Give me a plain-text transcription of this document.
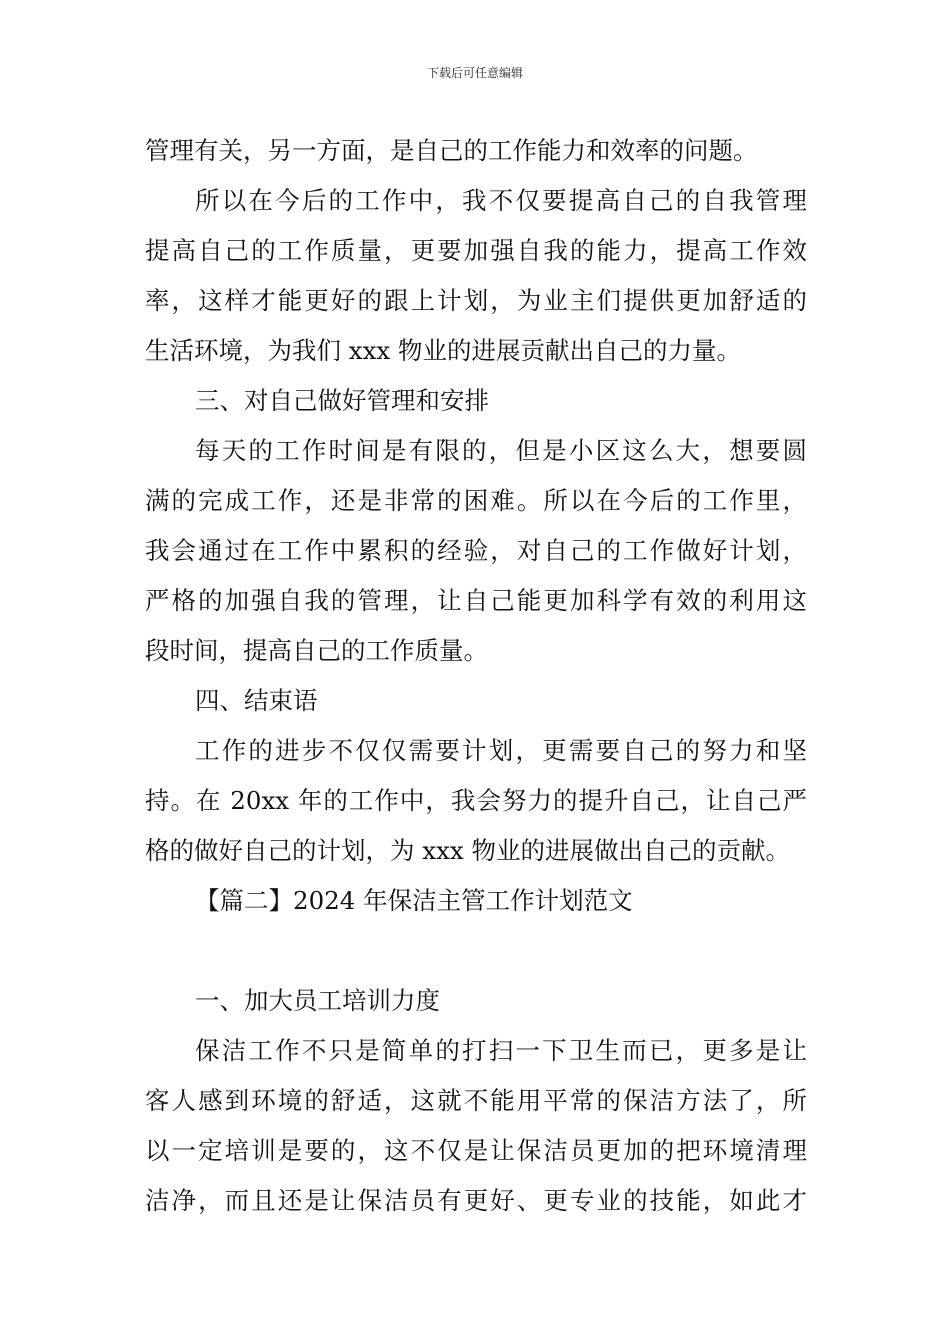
下载后可任意编辑
管理有关，另一方面，是自己的工作能力和效率的问题。
所以在今后的工作中，我不仅要提高自己的自我管理
提高自己的工作质量，更要加强自我的能力，提高工作效
率，这样才能更好的跟上计划，为业主们提供更加舒适的
生活环境，为我们 xxx 物业的进展贡献出自己的力量。
三、对自己做好管理和安排
每天的工作时间是有限的，但是小区这么大，想要圆
满的完成工作，还是非常的困难。所以在今后的工作里，
我会通过在工作中累积的经验，对自己的工作做好计划，
严格的加强自我的管理，让自己能更加科学有效的利用这
段时间，提高自己的工作质量。
四、结束语
工作的进步不仅仅需要计划，更需要自己的努力和坚
持。在 20xx 年的工作中，我会努力的提升自己，让自己严
格的做好自己的计划，为 xxx 物业的进展做出自己的贡献。
【篇二】2024 年保洁主管工作计划范文
一、加大员工培训力度
保洁工作不只是简单的打扫一下卫生而已，更多是让
客人感到环境的舒适，这就不能用平常的保洁方法了，所
以一定培训是要的，这不仅是让保洁员更加的把环境清理
洁净，而且还是让保洁员有更好、更专业的技能，如此才
